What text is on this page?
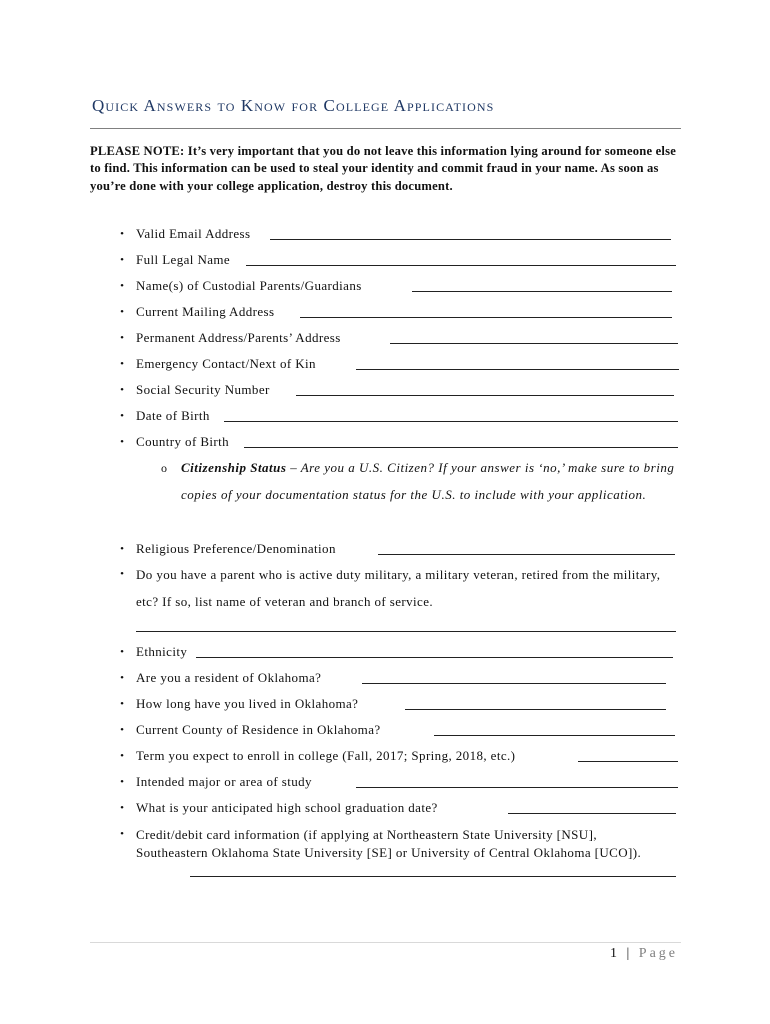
Quick Answers to Know for College Applications
PLEASE NOTE: It’s very important that you do not leave this information lying around for someone else to find. This information can be used to steal your identity and commit fraud in your name. As soon as you’re done with your college application, destroy this document.
• Valid Email Address
• Full Legal Name
• Name(s) of Custodial Parents/Guardians
• Current Mailing Address
• Permanent Address/Parents’ Address
• Emergency Contact/Next of Kin
• Social Security Number
• Date of Birth
• Country of Birth
• Religious Preference/Denomination
• Ethnicity
• Are you a resident of Oklahoma?
• How long have you lived in Oklahoma?
• Current County of Residence in Oklahoma?
• Term you expect to enroll in college (Fall, 2017; Spring, 2018, etc.)
• Intended major or area of study
• What is your anticipated high school graduation date?
o Citizenship Status – Are you a U.S. Citizen? If your answer is ‘no,’ make sure to bring copies of your documentation status for the U.S. to include with your application.
• Do you have a parent who is active duty military, a military veteran, retired from the military, etc? If so, list name of veteran and branch of service.
• Credit/debit card information (if applying at Northeastern State University [NSU], Southeastern Oklahoma State University [SE] or University of Central Oklahoma [UCO]).
1 | Page
